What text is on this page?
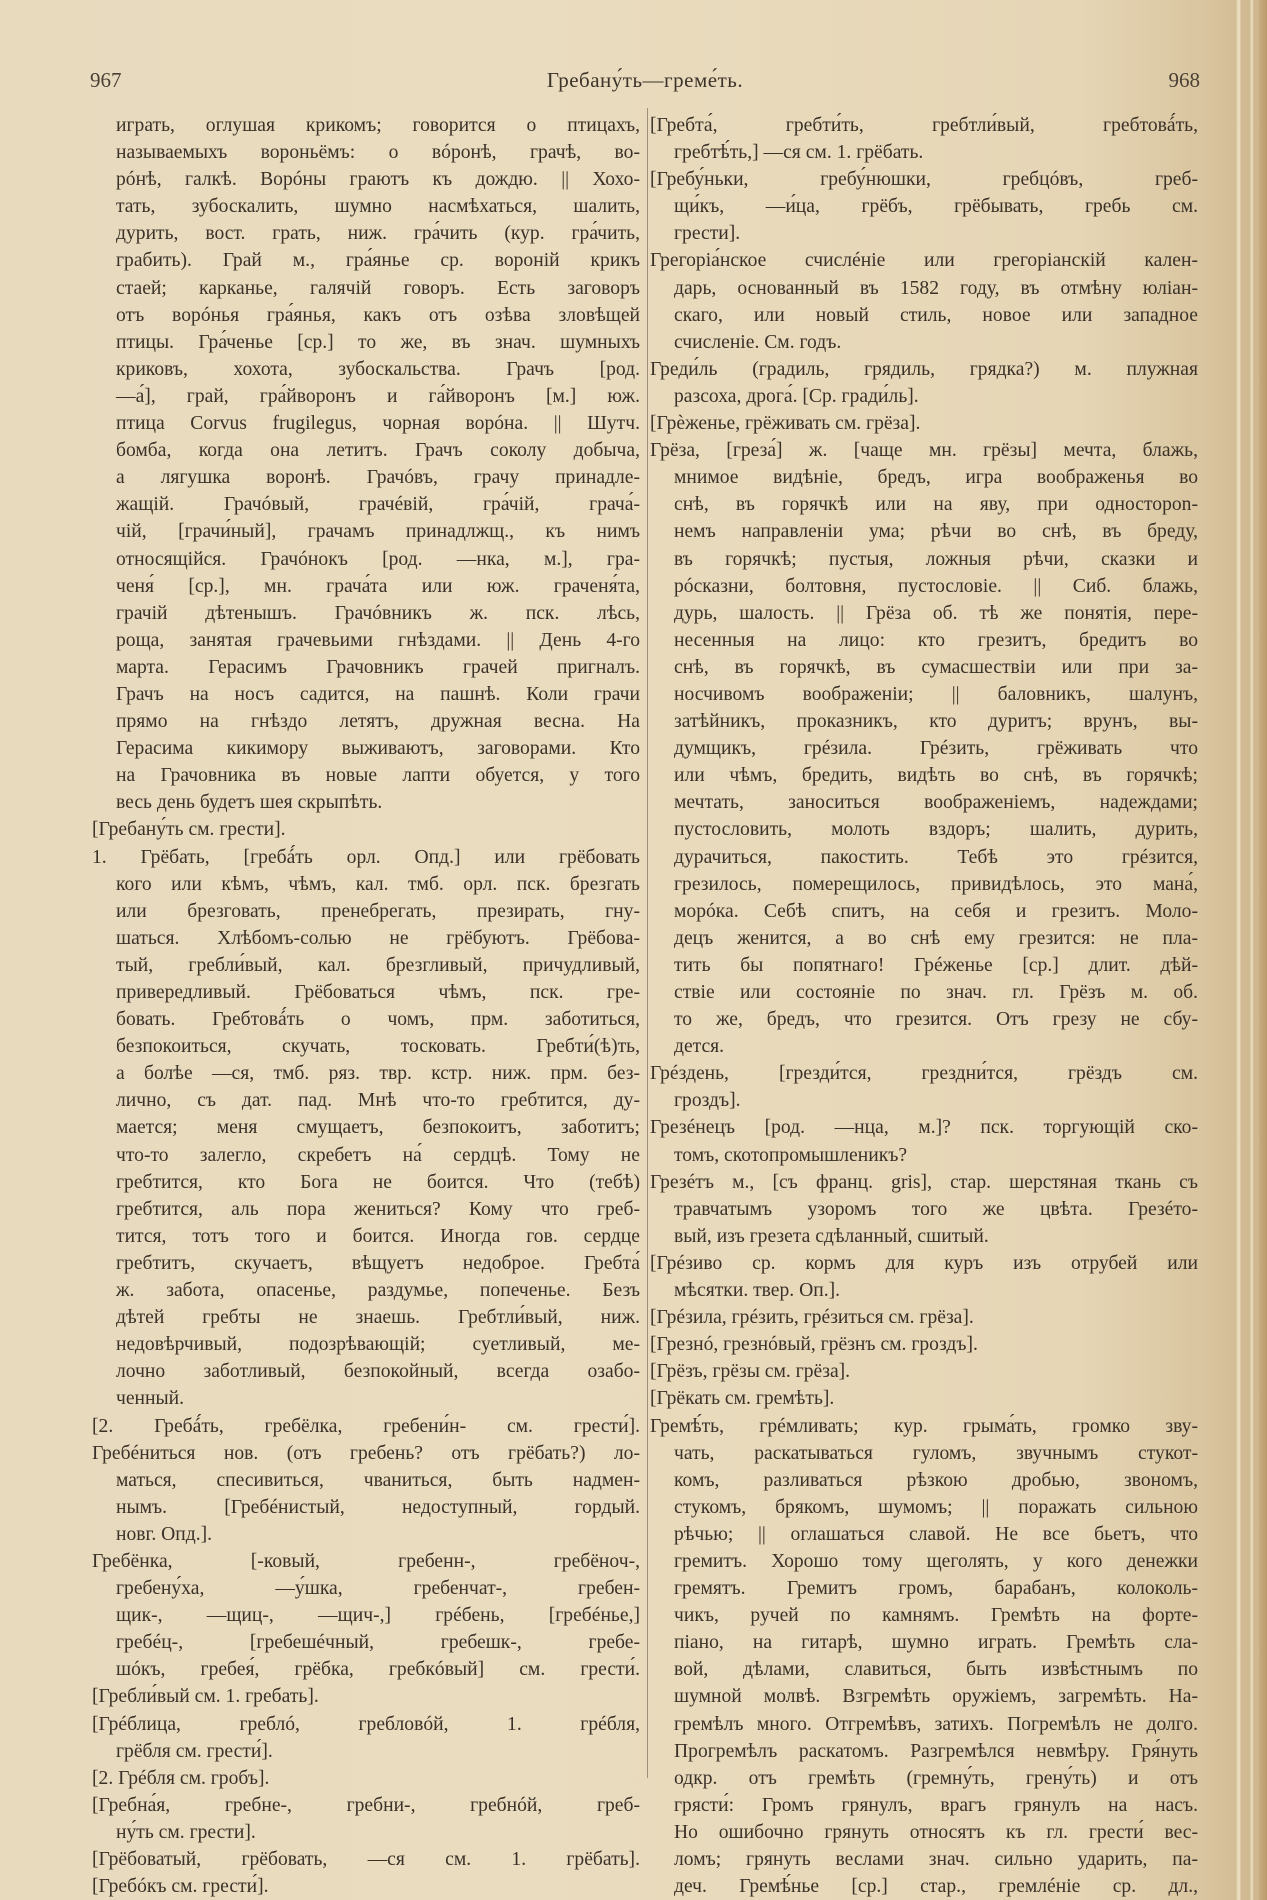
967	Гребану́ть—греме́ть.	968
играть, оглушая крикомъ; говорится о птицахъ,
называемыхъ вороньёмъ: о вóронѣ, грачѣ, во-
рóнѣ, галкѣ. Ворóны граютъ къ дождю. || Хохо-
тать, зубоскалить, шумно насмѣхаться, шалить,
дурить, вост. грать, ниж. гра́чить (кур. гра́чить,
грабить). Грай м., гра́янье ср. вороній крикъ
стаей; карканье, галячій говоръ. Есть заговоръ
отъ вoрóнья гра́янья, какъ отъ озѣва зловѣщей
птицы. Гра́ченье [ср.] то же, въ знач. шумныхъ
криковъ, хохота, зубоскальства. Грачъ [род.
—а́], грай, гра́йворонъ и га́йворонъ [м.] юж.
птица Corvus frugilegus, чорная ворóна. || Шутч.
бомба, когда она летитъ. Грачъ соколу добыча,
а лягушка воронѣ. Грачóвъ, грачу принадле-
жащій. Грачóвый, грачéвій, гра́чій, грача́-
чій, [грачи́ный], грачамъ принадлжщ., къ нимъ
относящійся. Грачóнокъ [род. —нка, м.], гра-
ченя́ [ср.], мн. грача́та или юж. граченя́та,
грачій дѣтенышъ. Грачóвникъ ж. пск. лѣсь,
роща, занятая грачевьими гнѣздами. || День 4-го
марта. Герасимъ Грачовникъ грачей пригналъ.
Грачъ на носъ садится, на пашнѣ. Коли грачи
прямо на гнѣздо летятъ, дружная весна. На
Герасима кикимору выживаютъ, заговорами. Кто
на Грачовника въ новые лапти обуется, у того
весь день будетъ шея скрыпѣть.
[Гребану́ть см. грести].
1. Грёбать, [гребá́ть орл. Опд.] или грёбовать
кого или кѣмъ, чѣмъ, кал. тмб. орл. пск. брезгать
или брезговать, пренебрегать, презирать, гну-
шаться. Хлѣбомъ-солью не грёбуютъ. Грёбова-
тый, гребли́вый, кал. брезгливый, причудливый,
привередливый. Грёбоваться чѣмъ, пск. гре-
бовать. Гребтовá́ть о чомъ, прм. заботиться,
безпокоиться, скучать, тосковать. Гребти́(ѣ)ть,
а болѣе —ся, тмб. ряз. твр. кстр. ниж. прм. без-
лично, съ дат. пад. Мнѣ что-то гребтится, ду-
мается; меня смущаетъ, безпокоитъ, заботитъ;
что-то залегло, скребетъ на́ сердцѣ. Тому не
гребтится, кто Бога не боится. Что (тебѣ)
гребтится, аль пора жениться? Кому что греб-
тится, тотъ того и боится. Иногда гов. сердце
гребтитъ, скучаетъ, вѣщуетъ недоброе. Гребта́
ж. забота, опасенье, раздумье, попеченье. Безъ
дѣтей гребты не знаешь. Гребтли́вый, ниж.
недовѣрчивый, подозрѣвающій; суетливый, ме-
лочно заботливый, безпокойный, всегда озабо-
ченный.
[2. Гребá́ть, гребёлка, гребени́н- см. грести́].
Гребéниться нов. (отъ гребень? отъ грёбать?) ло-
маться, спесивиться, чваниться, быть надмен-
нымъ. [Гребéнистый, недоступный, гордый.
новг. Опд.].
Гребёнка, [-ковый, гребенн-, гребёноч-,
гребену́ха, —у́шка, гребенчат-, гребен-
щик-, —щиц-, —щич-,] грéбень, [гребéнье,]
гребéц-, [гребешéчный, гребешк-, гребе-
шóкъ, гребея́, грёбка, гребкóвый] см. грести́.
[Гребли́вый см. 1. гребать].
[Грéблица, греблó, гребловóй, 1. грéбля,
грёбля см. грести́].
[2. Грéбля см. гробъ].
[Гребна́я, гребне-, гребни-, гребнóй, греб-
ну́ть см. грести].
[Грёбоватый, грёбовать, —ся см. 1. грёбать].
[Гребóкъ см. грести́].
[Гребта́, гребти́ть, гребтли́вый, гребтовá́ть,
гребтѣ́ть,] —ся см. 1. грёбать.
[Гребу́ньки, гребу́нюшки, гребцóвъ, греб-
щи́къ, —и́ца, грёбъ, грёбывать, гребь см.
грести].
Грегоріа́нское счислéніе или грегоріанскій кален-
дарь, основанный въ 1582 году, въ отмѣну юліан-
скаго, или новый стиль, новое или западное
счисленіе. См. годъ.
Греди́ль (градиль, грядиль, грядка?) м. плужная
разсоха, дрога́. [Ср. гради́ль].
[Грѐженье, грёживать см. грёза].
Грёза, [греза́] ж. [чаще мн. грёзы] мечта, блажь,
мнимое видѣніе, бредъ, игра воображенья во
снѣ, въ горячкѣ или на яву, при одностороn-
немъ направленіи ума; рѣчи во снѣ, въ бреду,
въ горячкѣ; пустыя, ложныя рѣчи, сказки и
рóсказни, болтовня, пустословіе. || Сиб. блажь,
дурь, шалость. || Грёза об. тѣ же понятія, пере-
несенныя на лицо: кто грезитъ, бредитъ во
снѣ, въ горячкѣ, въ сумасшествіи или при за-
носчивомъ воображеніи; || баловникъ, шалунъ,
затѣйникъ, проказникъ, кто дуритъ; врунъ, вы-
думщикъ, грéзила. Грéзить, грёживать что
или чѣмъ, бредить, видѣть во снѣ, въ горячкѣ;
мечтать, заноситься воображеніемъ, надеждами;
пустословить, молоть вздоръ; шалить, дурить,
дурачиться, пакостить. Тебѣ это грéзится,
грезилось, померещилось, привидѣлось, это мана́,
морóка. Себѣ спитъ, на себя и грезитъ. Моло-
децъ женится, а во снѣ ему грезится: не пла-
тить бы попятнаго! Грéженье [ср.] длит. дѣй-
ствіе или состояніе по знач. гл. Грёзъ м. об.
то же, бредъ, что грезится. Отъ грезу не сбу-
дется.
Грéздень, [грезди́тся, грездни́тся, грёздъ см.
гроздъ].
Грезéнецъ [род. —нца, м.]? пск. торгующій ско-
томъ, скотопромышленикъ?
Грезéтъ м., [съ франц. gris], стар. шерстяная ткань съ
травчатымъ узоромъ того же цвѣта. Грезéто-
вый, изъ грезета сдѣланный, сшитый.
[Грéзиво ср. кормъ для куръ изъ отрубей или
мѣсятки. твер. Оп.].
[Грéзила, грéзить, грéзиться см. грёза].
[Грезнó, грезнóвый, грёзнъ см. гроздъ].
[Грёзъ, грёзы см. грёза].
[Грёкать см. гремѣть].
Гремѣ́ть, грéмливать; кур. грыма́ть, громко зву-
чать, раскатываться гуломъ, звучнымъ стукот-
комъ, разливаться рѣзкою дробью, звономъ,
стукомъ, брякомъ, шумомъ; || поражать сильною
рѣчью; || оглашаться славой. Не все бьетъ, что
гремитъ. Хорошо тому щеголять, у кого денежки
гремятъ. Гремитъ громъ, барабанъ, колоколь-
чикъ, ручей по камнямъ. Гремѣть на форте-
піано, на гитарѣ, шумно играть. Гремѣть сла-
вой, дѣлами, славиться, быть извѣстнымъ по
шумной молвѣ. Взгремѣть оружіемъ, загремѣть. На-
гремѣлъ много. Отгремѣвъ, затихъ. Погремѣлъ не долго.
Прогремѣлъ раскатомъ. Разгремѣлся невмѣру. Гря́нуть
одкр. отъ гремѣть (гремну́ть, грену́ть) и отъ
грясти́: Громъ грянулъ, врагъ грянулъ на насъ.
Но ошибочно грянуть относятъ къ гл. грести́ вес-
ломъ; грянуть веслами знач. сильно ударить, па-
деч. Гремѣ́нье [ср.] стар., гремлéніе ср. дл.,
